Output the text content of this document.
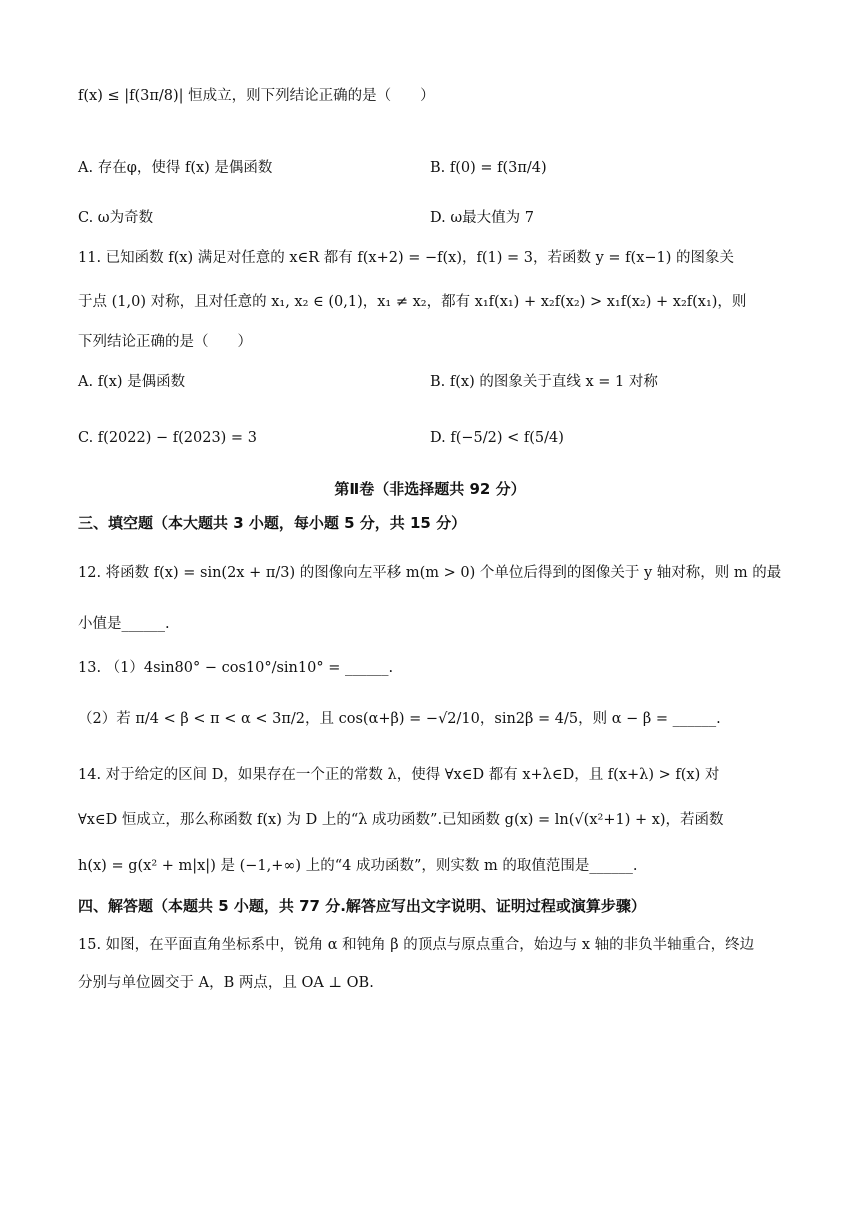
f(x) ≤ |f(3π/8)| 恒成立，则下列结论正确的是（　　）
A. 存在φ，使得 f(x) 是偶函数	B. f(0) = f(3π/4)
C. ω为奇数	D. ω最大值为 7
11. 已知函数 f(x) 满足对任意的 x∈R 都有 f(x+2) = −f(x)，f(1) = 3，若函数 y = f(x−1) 的图象关
于点 (1,0) 对称，且对任意的 x₁, x₂ ∈ (0,1)，x₁ ≠ x₂，都有 x₁f(x₁) + x₂f(x₂) > x₁f(x₂) + x₂f(x₁)，则
下列结论正确的是（　　）
A. f(x) 是偶函数	B. f(x) 的图象关于直线 x = 1 对称
C. f(2022) − f(2023) = 3	D. f(−5/2) < f(5/4)
第Ⅱ卷（非选择题共 92 分）
三、填空题（本大题共 3 小题，每小题 5 分，共 15 分）
12. 将函数 f(x) = sin(2x + π/3) 的图像向左平移 m(m > 0) 个单位后得到的图像关于 y 轴对称，则 m 的最
小值是______.
13. （1）4sin80° − cos10°/sin10° = ______.
（2）若 π/4 < β < π < α < 3π/2，且 cos(α+β) = −√2/10，sin2β = 4/5，则 α − β = ______.
14. 对于给定的区间 D，如果存在一个正的常数 λ，使得 ∀x∈D 都有 x+λ∈D，且 f(x+λ) > f(x) 对
∀x∈D 恒成立，那么称函数 f(x) 为 D 上的“λ 成功函数”.已知函数 g(x) = ln(√(x²+1) + x)，若函数
h(x) = g(x² + m|x|) 是 (−1,+∞) 上的“4 成功函数”，则实数 m 的取值范围是______.
四、解答题（本题共 5 小题，共 77 分.解答应写出文字说明、证明过程或演算步骤）
15. 如图，在平面直角坐标系中，锐角 α 和钝角 β 的顶点与原点重合，始边与 x 轴的非负半轴重合，终边
分别与单位圆交于 A，B 两点，且 OA ⊥ OB.
